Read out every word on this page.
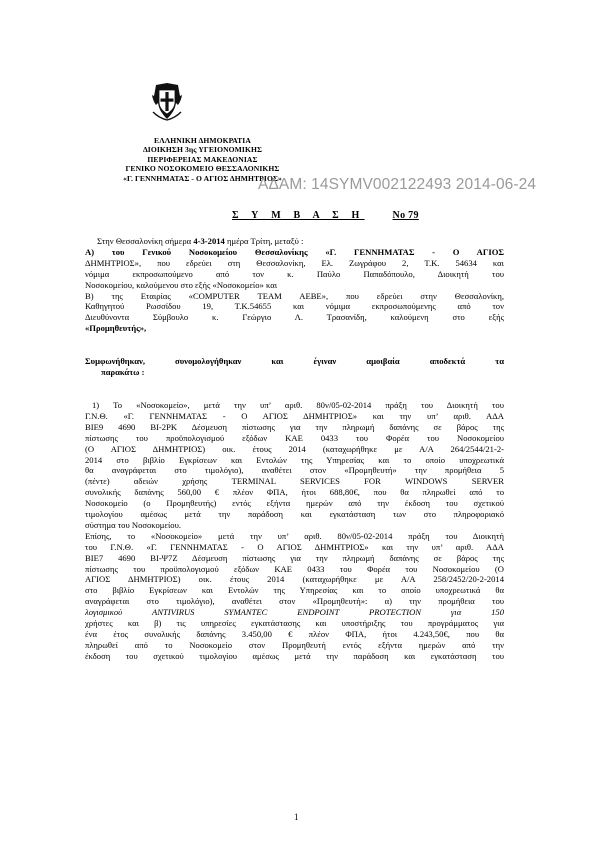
ΕΛΛΗΝΙΚΗ ΔΗΜΟΚΡΑΤΙΑ
ΔΙΟΙΚΗΣΗ 3ης ΥΓΕΙΟΝΟΜΙΚΗΣ
ΠΕΡΙΦΕΡΕΙΑΣ ΜΑΚΕΔΟΝΙΑΣ
ΓΕΝΙΚΟ ΝΟΣΟΚΟΜΕΙΟ ΘΕΣΣΑΛΟΝΙΚΗΣ
«Γ. ΓΕΝΝΗΜΑΤΑΣ - Ο ΑΓΙΟΣ ΔΗΜΗΤΡΙΟΣ»
ΑΔΑΜ: 14SYMV002122493 2014-06-24
Σ Υ Μ Β Α Σ Η	Νο 79

Στην Θεσσαλονίκη σήμερα 4-3-2014 ημέρα Τρίτη, μεταξύ :

Α) του Γενικού Νοσοκομείου Θεσσαλονίκης «Γ. ΓΕΝΝΗΜΑΤΑΣ - Ο ΑΓΙΟΣ

ΔΗΜΗΤΡΙΟΣ», που εδρεύει στη Θεσσαλονίκη, Ελ. Ζωγράφου 2, Τ.Κ. 54634 και

νόμιμα εκπροσωπούμενο από τον κ. Παύλο Παπαδόπουλο, Διοικητή του

Νοσοκομείου, καλούμενου στο εξής «Νοσοκομείο» και

Β) της Εταιρίας «COMPUTER TEAM AEBE», που εδρεύει στην Θεσσαλονίκη,

Καθηγητού Ρωσσίδου 19, Τ.Κ.54655 και νόμιμα εκπροσωπούμενης από τον

Διευθύνοντα Σύμβουλο κ. Γεώργιο Λ. Τρασανίδη, καλούμενη στο εξής

«Προμηθευτής»,

Συμφωνήθηκαν, συνομολογήθηκαν και έγιναν αμοιβαία αποδεκτά τα

παρακάτω :

1) Το «Νοσοκομείο», μετά την υπ’ αριθ. 80ν/05-02-2014 πράξη του Διοικητή του

Γ.Ν.Θ. «Γ. ΓΕΝΝΗΜΑΤΑΣ - Ο ΑΓΙΟΣ ΔΗΜΗΤΡΙΟΣ» και την υπ’ αριθ. ΑΔΑ

ΒΙΕ9 4690 ΒΙ-2ΡΚ Δέσμευση πίστωσης για την πληρωμή δαπάνης σε βάρος της

πίστωσης του προϋπολογισμού εξόδων ΚΑΕ 0433 του Φορέα του Νοσοκομείου

(Ο ΑΓΙΟΣ ΔΗΜΗΤΡΙΟΣ) οικ. έτους 2014 (καταχωρήθηκε με Α/Α 264/2544/21-2-

2014 στο βιβλίο Εγκρίσεων και Εντολών της Υπηρεσίας και το οποίο υποχρεωτικά

θα αναγράφεται στο τιμολόγιο), αναθέτει στον «Προμηθευτή» την προμήθεια 5

(πέντε) αδειών χρήσης TERMINAL SERVICES FOR WINDOWS SERVER

συνολικής δαπάνης 560,00 € πλέον ΦΠΑ, ήτοι 688,80€, που θα πληρωθεί από το

Νοσοκομείο (ο Προμηθευτής) εντός εξήντα ημερών από την έκδοση του σχετικού

τιμολογίου αμέσως μετά την παράδοση και εγκατάσταση των στο πληροφοριακό

σύστημα του Νοσοκομείου.

Επίσης, το «Νοσοκομείο» μετά την υπ’ αριθ. 80ν/05-02-2014 πράξη του Διοικητή

του Γ.Ν.Θ. «Γ. ΓΕΝΝΗΜΑΤΑΣ - Ο ΑΓΙΟΣ ΔΗΜΗΤΡΙΟΣ» και την υπ’ αριθ. ΑΔΑ

ΒΙΕ7 4690 ΒΙ-Ψ7Ζ Δέσμευση πίστωσης για την πληρωμή δαπάνης σε βάρος της

πίστωσης του προϋπολογισμού εξόδων ΚΑΕ 0433 του Φορέα του Νοσοκομείου (Ο

ΑΓΙΟΣ ΔΗΜΗΤΡΙΟΣ) οικ. έτους 2014 (καταχωρήθηκε με Α/Α 258/2452/20-2-2014

στο βιβλίο Εγκρίσεων και Εντολών της Υπηρεσίας και το οποίο υποχρεωτικά θα

αναγράφεται στο τιμολόγιο), αναθέτει στον «Προμηθευτή»: α) την προμήθεια του

λογισμικού ANTIVIRUS SYMANTEC ENDPOINT PROTECTION για 150

χρήστες και β) τις υπηρεσίες εγκατάστασης και υποστήριξης του προγράμματος για

ένα έτος συνολικής δαπάνης 3.450,00 € πλέον ΦΠΑ, ήτοι 4.243,50€, που θα

πληρωθεί από το Νοσοκομείο στον Προμηθευτή εντός εξήντα ημερών από την

έκδοση του σχετικού τιμολογίου αμέσως μετά την παράδοση και εγκατάσταση του

1
